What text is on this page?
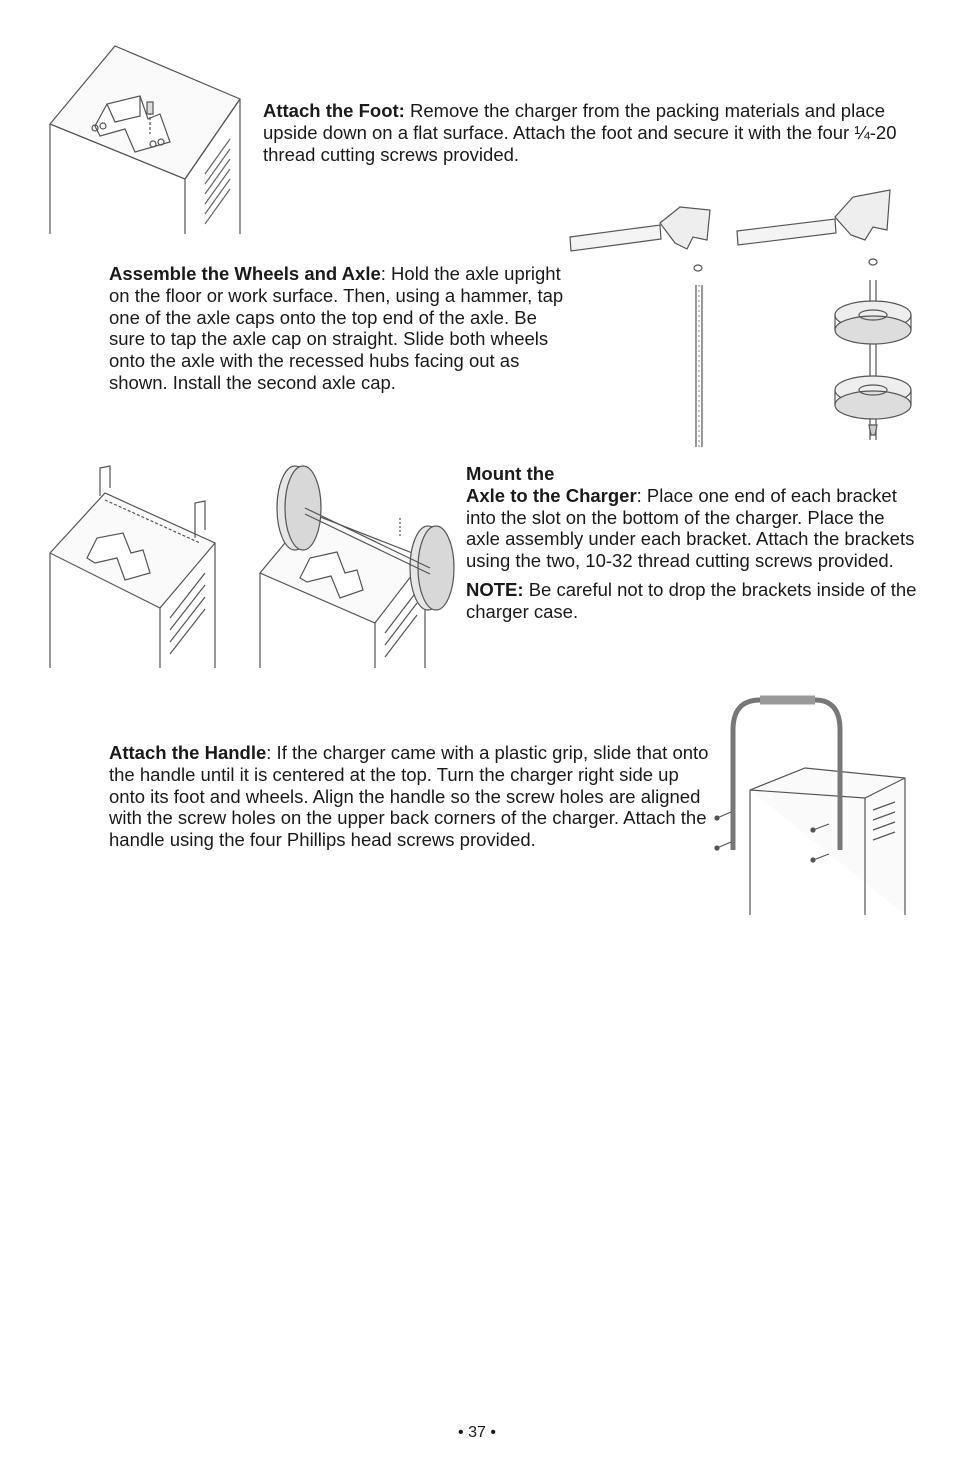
Attach the Foot: Remove the charger from the packing materials and place upside down on a flat surface. Attach the foot and secure it with the four ¼-20 thread cutting screws provided.

Assemble the Wheels and Axle: Hold the axle upright on the floor or work surface. Then, using a hammer, tap one of the axle caps onto the top end of the axle. Be sure to tap the axle cap on straight. Slide both wheels onto the axle with the recessed hubs facing out as shown. Install the second axle cap.

Mount the
Axle to the Charger: Place one end of each bracket into the slot on the bottom of the charger. Place the axle assembly under each bracket. Attach the brackets using the two, 10-32 thread cutting screws provided.

NOTE: Be careful not to drop the brackets inside of the charger case.

Attach the Handle: If the charger came with a plastic grip, slide that onto the handle until it is centered at the top. Turn the charger right side up onto its foot and wheels. Align the handle so the screw holes are aligned with the screw holes on the upper back corners of the charger. Attach the handle using the four Phillips head screws provided.

• 37 •
